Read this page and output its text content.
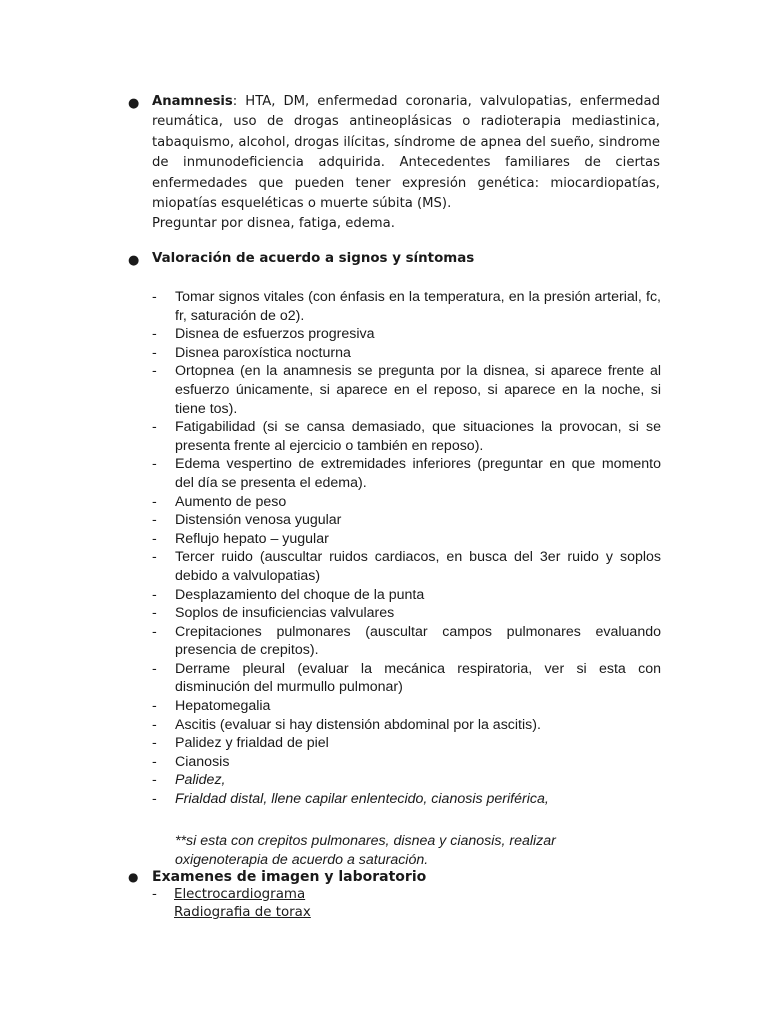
● Anamnesis: HTA, DM, enfermedad coronaria, valvulopatias, enfermedad reumática, uso de drogas antineoplásicas o radioterapia mediastinica, tabaquismo, alcohol, drogas ilícitas, síndrome de apnea del sueño, sindrome de inmunodeficiencia adquirida. Antecedentes familiares de ciertas enfermedades que pueden tener expresión genética: miocardiopatías, miopatías esqueléticas o muerte súbita (MS).

Preguntar por disnea, fatiga, edema.

● Valoración de acuerdo a signos y síntomas

- Tomar signos vitales (con énfasis en la temperatura, en la presión arterial, fc, fr, saturación de o2).
- Disnea de esfuerzos progresiva
- Disnea paroxística nocturna
- Ortopnea (en la anamnesis se pregunta por la disnea, si aparece frente al esfuerzo únicamente, si aparece en el reposo, si aparece en la noche, si tiene tos).
- Fatigabilidad (si se cansa demasiado, que situaciones la provocan, si se presenta frente al ejercicio o también en reposo).
- Edema vespertino de extremidades inferiores (preguntar en que momento del día se presenta el edema).
- Aumento de peso
- Distensión venosa yugular
- Reflujo hepato – yugular
- Tercer ruido (auscultar ruidos cardiacos, en busca del 3er ruido y soplos debido a valvulopatias)
- Desplazamiento del choque de la punta
- Soplos de insuficiencias valvulares
- Crepitaciones pulmonares (auscultar campos pulmonares evaluando presencia de crepitos).
- Derrame pleural (evaluar la mecánica respiratoria, ver si esta con disminución del murmullo pulmonar)
- Hepatomegalia
- Ascitis (evaluar si hay distensión abdominal por la ascitis).
- Palidez y frialdad de piel
- Cianosis
- Palidez,
- Frialdad distal, llene capilar enlentecido, cianosis periférica,

**si esta con crepitos pulmonares, disnea y cianosis, realizar oxigenoterapia de acuerdo a saturación.

● Examenes de imagen y laboratorio

- Electrocardiograma

Radiografia de torax
